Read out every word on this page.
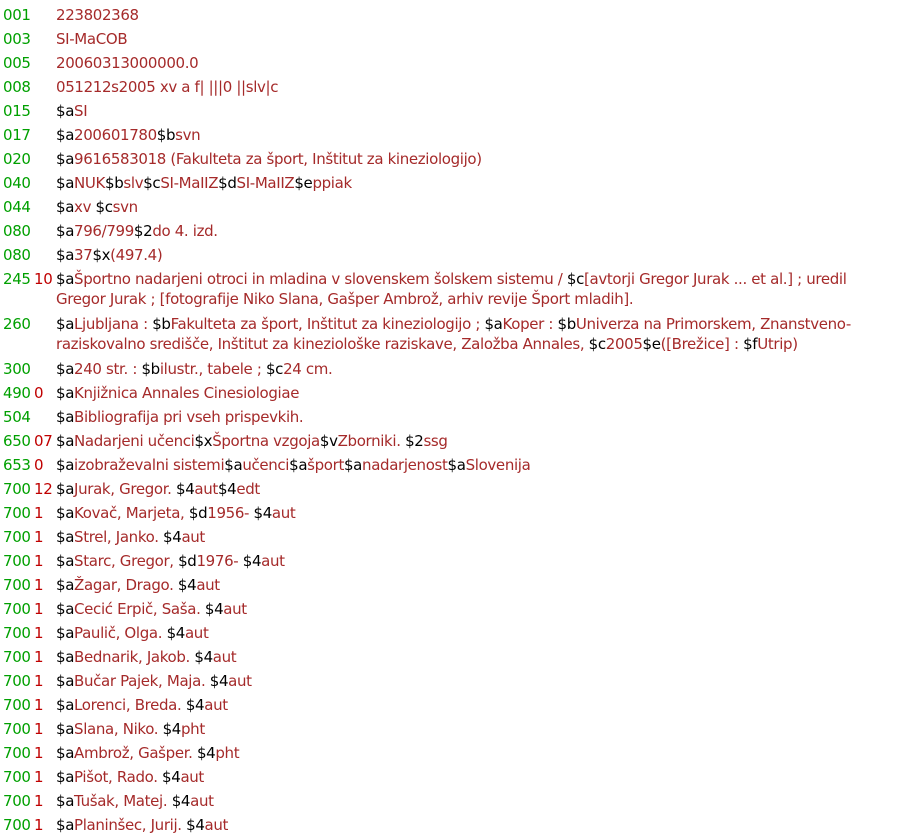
001 223802368
003 SI-MaCOB
005 20060313000000.0
008 051212s2005 xv a f| |||0 ||slv|c
015 $aSI
017 $a200601780$bsvn
020 $a9616583018 (Fakulteta za šport, Inštitut za kineziologijo)
040 $aNUK$bslv$cSI-MaIIZ$dSI-MaIIZ$eppiak
044 $axv $csvn
080 $a796/799$2do 4. izd.
080 $a37$x(497.4)
245 10 $aŠportno nadarjeni otroci in mladina v slovenskem šolskem sistemu / $c[avtorji Gregor Jurak ... et al.] ; uredil Gregor Jurak ; [fotografije Niko Slana, Gašper Ambrož, arhiv revije Šport mladih].
260 $aLjubljana : $bFakulteta za šport, Inštitut za kineziologijo ; $aKoper : $bUniverza na Primorskem, Znanstveno-raziskovalno središče, Inštitut za kineziološke raziskave, Založba Annales, $c2005$e([Brežice] : $fUtrip)
300 $a240 str. : $bilustr., tabele ; $c24 cm.
490 0 $aKnjižnica Annales Cinesiologiae
504 $aBibliografija pri vseh prispevkih.
650 07 $aNadarjeni učenci$xŠportna vzgoja$vZborniki. $2ssg
653 0 $aizobraževalni sistemi$aučenci$ašport$anadarjenost$aSlovenija
700 12 $aJurak, Gregor. $4aut$4edt
700 1 $aKovač, Marjeta, $d1956- $4aut
700 1 $aStrel, Janko. $4aut
700 1 $aStarc, Gregor, $d1976- $4aut
700 1 $aŽagar, Drago. $4aut
700 1 $aCecić Erpič, Saša. $4aut
700 1 $aPaulič, Olga. $4aut
700 1 $aBednarik, Jakob. $4aut
700 1 $aBučar Pajek, Maja. $4aut
700 1 $aLorenci, Breda. $4aut
700 1 $aSlana, Niko. $4pht
700 1 $aAmbrož, Gašper. $4pht
700 1 $aPišot, Rado. $4aut
700 1 $aTušak, Matej. $4aut
700 1 $aPlaninšec, Jurij. $4aut
